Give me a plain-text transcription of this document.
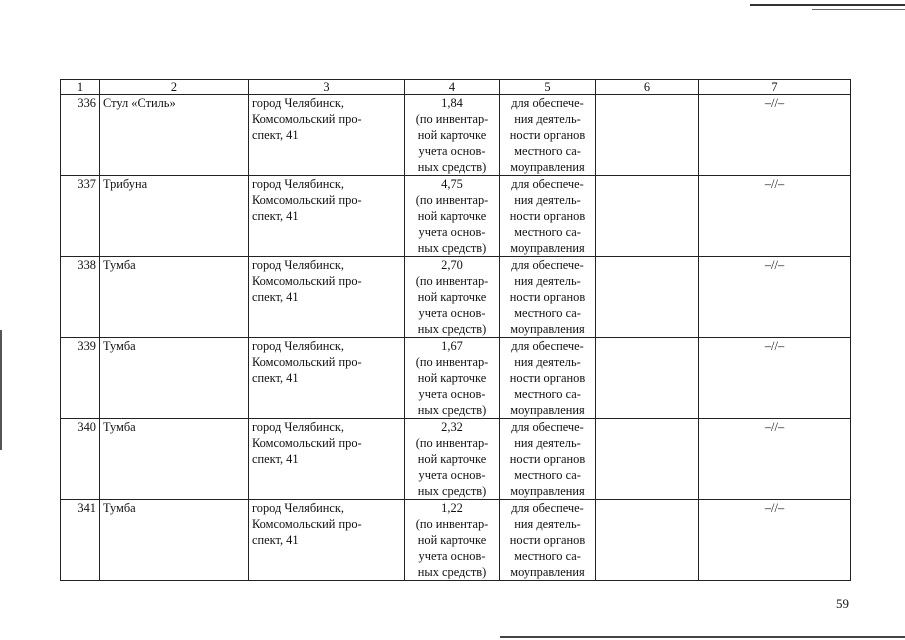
1	2	3	4	5	6	7
336	Стул «Стиль»	город Челябинск,
Комсомольский про-
спект, 41	1,84
(по инвентар-
ной карточке
учета основ-
ных средств)	для обеспече-
ния деятель-
ности органов
местного са-
моуправления		–//–
337	Трибуна	город Челябинск,
Комсомольский про-
спект, 41	4,75
(по инвентар-
ной карточке
учета основ-
ных средств)	для обеспече-
ния деятель-
ности органов
местного са-
моуправления		–//–
338	Тумба	город Челябинск,
Комсомольский про-
спект, 41	2,70
(по инвентар-
ной карточке
учета основ-
ных средств)	для обеспече-
ния деятель-
ности органов
местного са-
моуправления		–//–
339	Тумба	город Челябинск,
Комсомольский про-
спект, 41	1,67
(по инвентар-
ной карточке
учета основ-
ных средств)	для обеспече-
ния деятель-
ности органов
местного са-
моуправления		–//–
340	Тумба	город Челябинск,
Комсомольский про-
спект, 41	2,32
(по инвентар-
ной карточке
учета основ-
ных средств)	для обеспече-
ния деятель-
ности органов
местного са-
моуправления		–//–
341	Тумба	город Челябинск,
Комсомольский про-
спект, 41	1,22
(по инвентар-
ной карточке
учета основ-
ных средств)	для обеспече-
ния деятель-
ности органов
местного са-
моуправления		–//–
59
